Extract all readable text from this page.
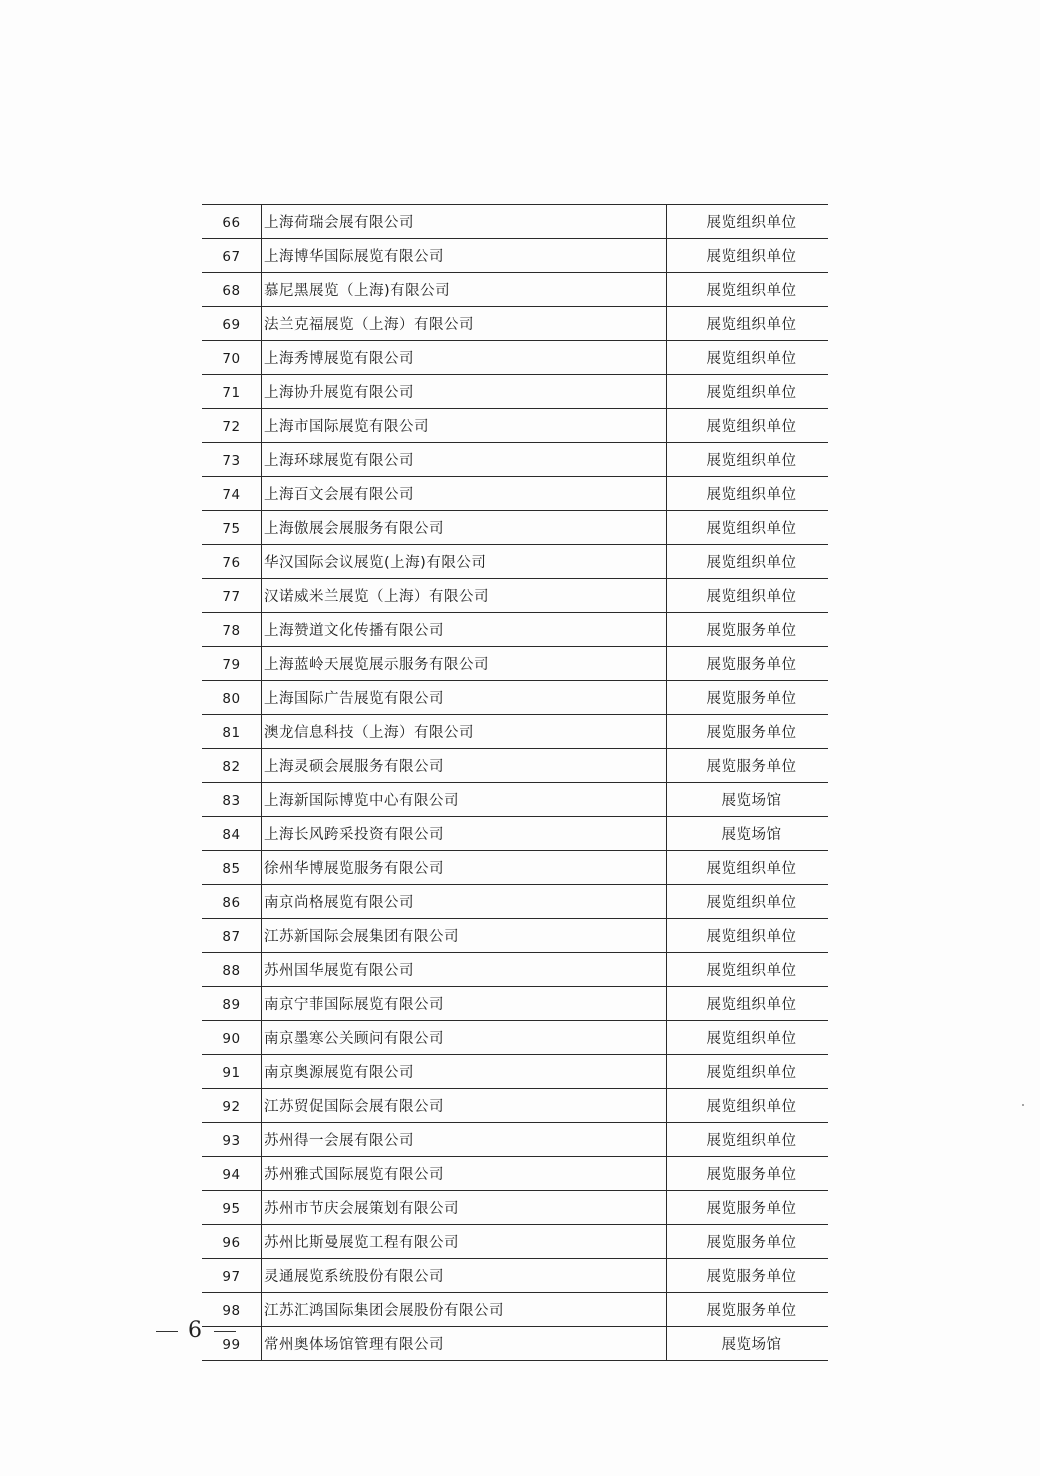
66	上海荷瑞会展有限公司	展览组织单位
67	上海博华国际展览有限公司	展览组织单位
68	慕尼黑展览（上海)有限公司	展览组织单位
69	法兰克福展览（上海）有限公司	展览组织单位
70	上海秀博展览有限公司	展览组织单位
71	上海协升展览有限公司	展览组织单位
72	上海市国际展览有限公司	展览组织单位
73	上海环球展览有限公司	展览组织单位
74	上海百文会展有限公司	展览组织单位
75	上海傲展会展服务有限公司	展览组织单位
76	华汉国际会议展览(上海)有限公司	展览组织单位
77	汉诺威米兰展览（上海）有限公司	展览组织单位
78	上海赞道文化传播有限公司	展览服务单位
79	上海蓝岭天展览展示服务有限公司	展览服务单位
80	上海国际广告展览有限公司	展览服务单位
81	澳龙信息科技（上海）有限公司	展览服务单位
82	上海灵硕会展服务有限公司	展览服务单位
83	上海新国际博览中心有限公司	展览场馆
84	上海长风跨采投资有限公司	展览场馆
85	徐州华博展览服务有限公司	展览组织单位
86	南京尚格展览有限公司	展览组织单位
87	江苏新国际会展集团有限公司	展览组织单位
88	苏州国华展览有限公司	展览组织单位
89	南京宁菲国际展览有限公司	展览组织单位
90	南京墨寒公关顾问有限公司	展览组织单位
91	南京奥源展览有限公司	展览组织单位
92	江苏贸促国际会展有限公司	展览组织单位
93	苏州得一会展有限公司	展览组织单位
94	苏州雅式国际展览有限公司	展览服务单位
95	苏州市节庆会展策划有限公司	展览服务单位
96	苏州比斯曼展览工程有限公司	展览服务单位
97	灵通展览系统股份有限公司	展览服务单位
98	江苏汇鸿国际集团会展股份有限公司	展览服务单位
99	常州奥体场馆管理有限公司	展览场馆
6
